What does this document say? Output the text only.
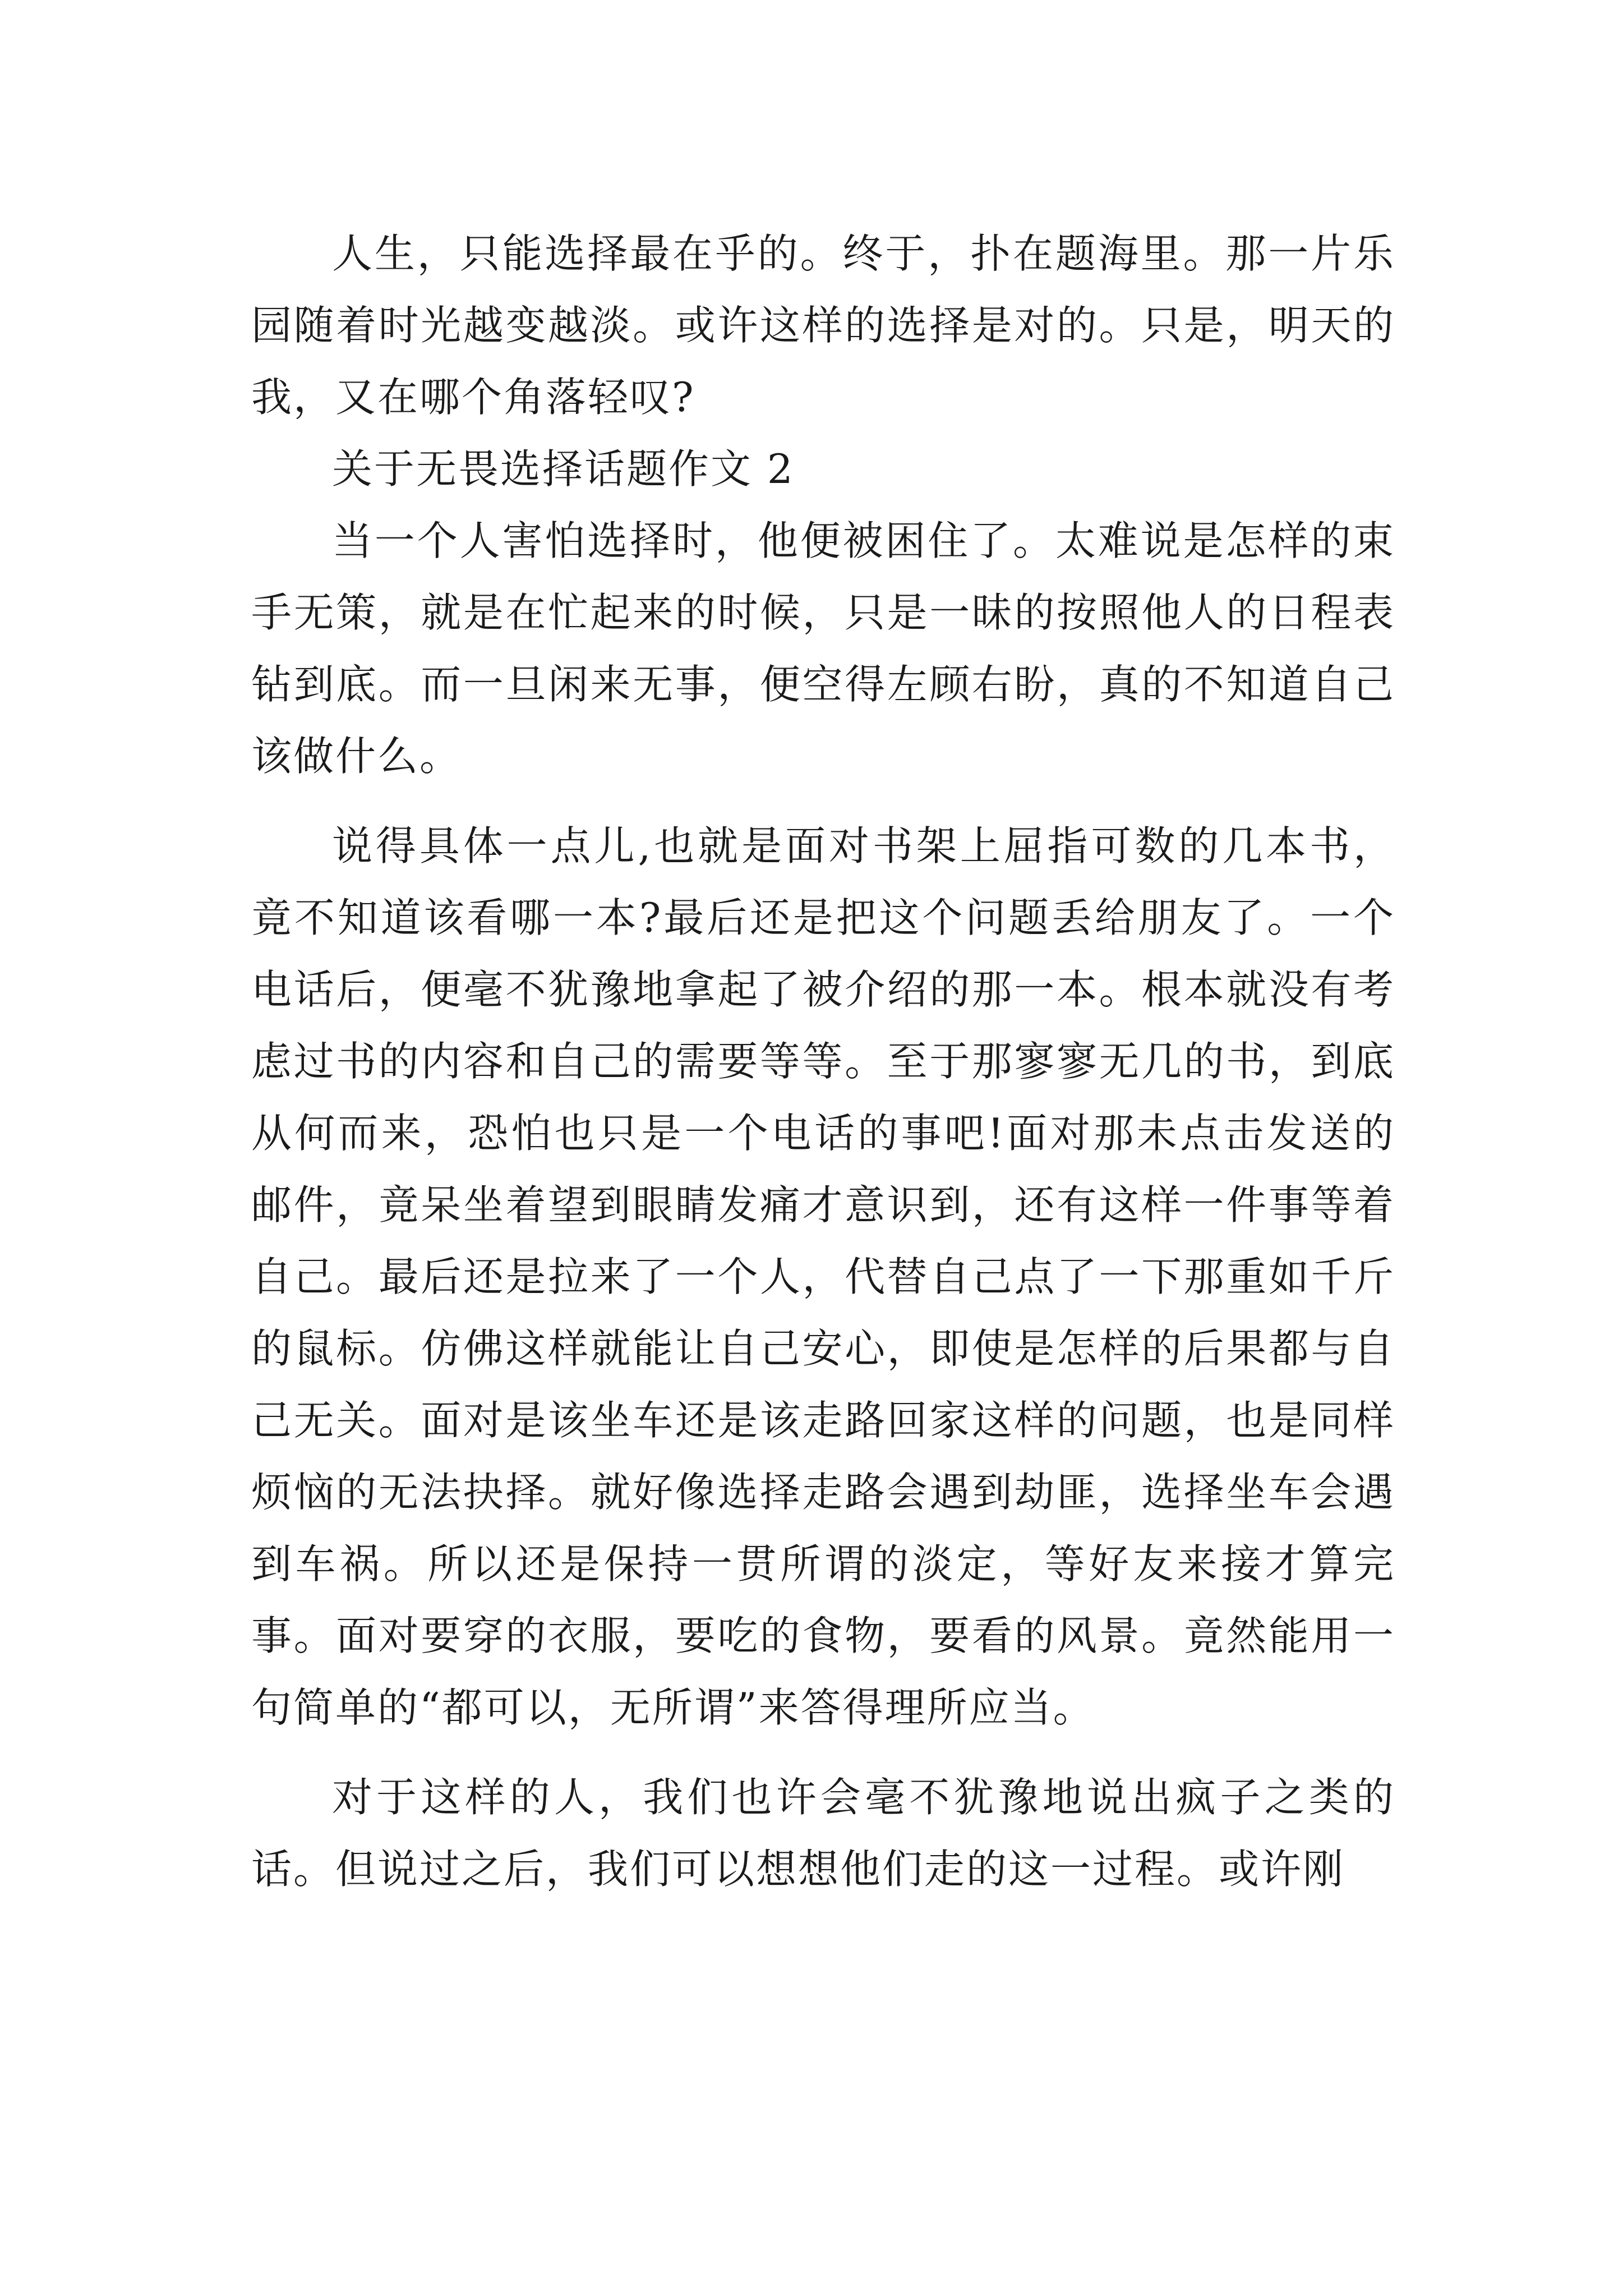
人生，只能选择最在乎的。终于，扑在题海里。那一片乐园随着时光越变越淡。或许这样的选择是对的。只是，明天的我，又在哪个角落轻叹?

关于无畏选择话题作文 2

当一个人害怕选择时，他便被困住了。太难说是怎样的束手无策，就是在忙起来的时候，只是一昧的按照他人的日程表钻到底。而一旦闲来无事，便空得左顾右盼，真的不知道自己该做什么。

说得具体一点儿,也就是面对书架上屈指可数的几本书，竟不知道该看哪一本?最后还是把这个问题丢给朋友了。一个电话后，便毫不犹豫地拿起了被介绍的那一本。根本就没有考虑过书的内容和自己的需要等等。至于那寥寥无几的书，到底从何而来，恐怕也只是一个电话的事吧!面对那未点击发送的邮件，竟呆坐着望到眼睛发痛才意识到，还有这样一件事等着自己。最后还是拉来了一个人，代替自己点了一下那重如千斤的鼠标。仿佛这样就能让自己安心，即使是怎样的后果都与自己无关。面对是该坐车还是该走路回家这样的问题，也是同样烦恼的无法抉择。就好像选择走路会遇到劫匪，选择坐车会遇到车祸。所以还是保持一贯所谓的淡定，等好友来接才算完事。面对要穿的衣服，要吃的食物，要看的风景。竟然能用一句简单的“都可以，无所谓”来答得理所应当。

对于这样的人，我们也许会毫不犹豫地说出疯子之类的话。但说过之后，我们可以想想他们走的这一过程。或许刚
